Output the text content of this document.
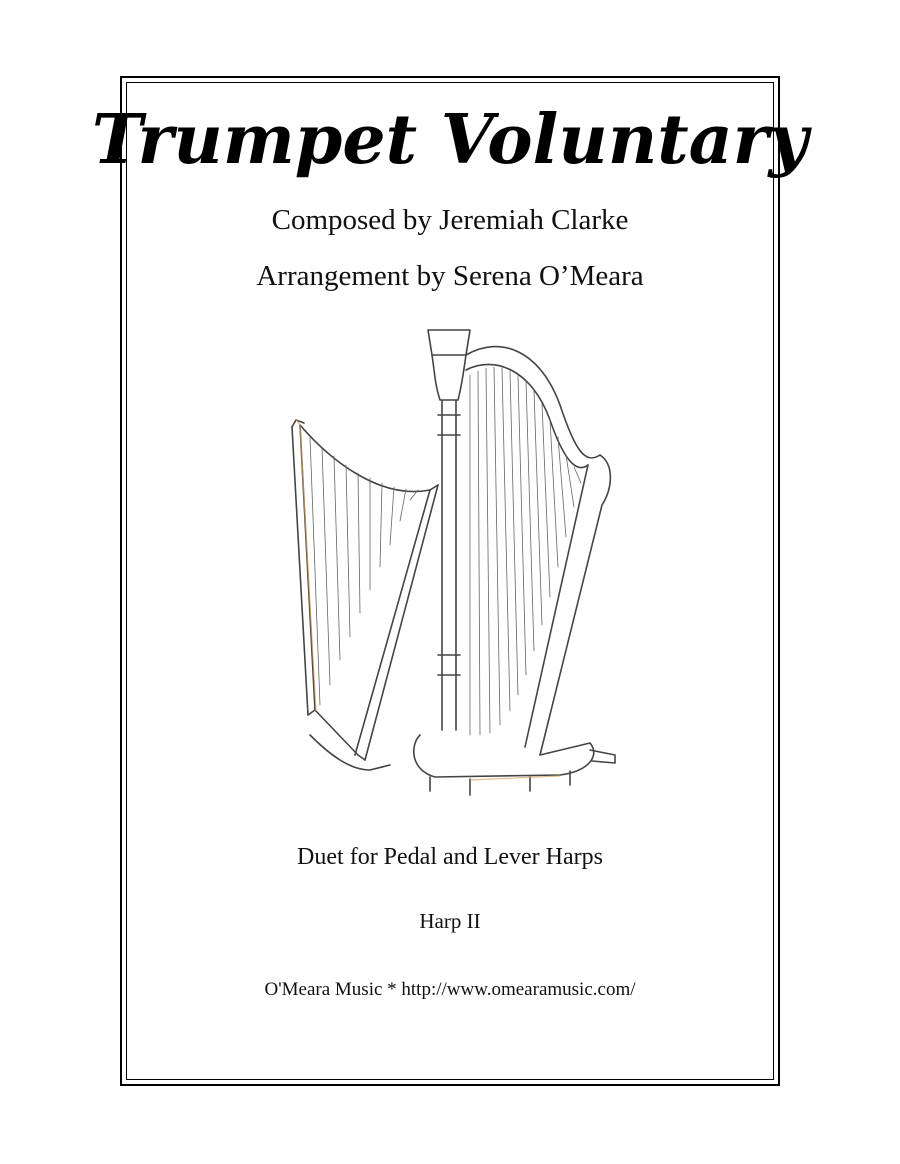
Trumpet Voluntary
Composed by Jeremiah Clarke
Arrangement by Serena O’Meara
Duet for Pedal and Lever Harps
Harp II
O'Meara Music * http://www.omearamusic.com/
